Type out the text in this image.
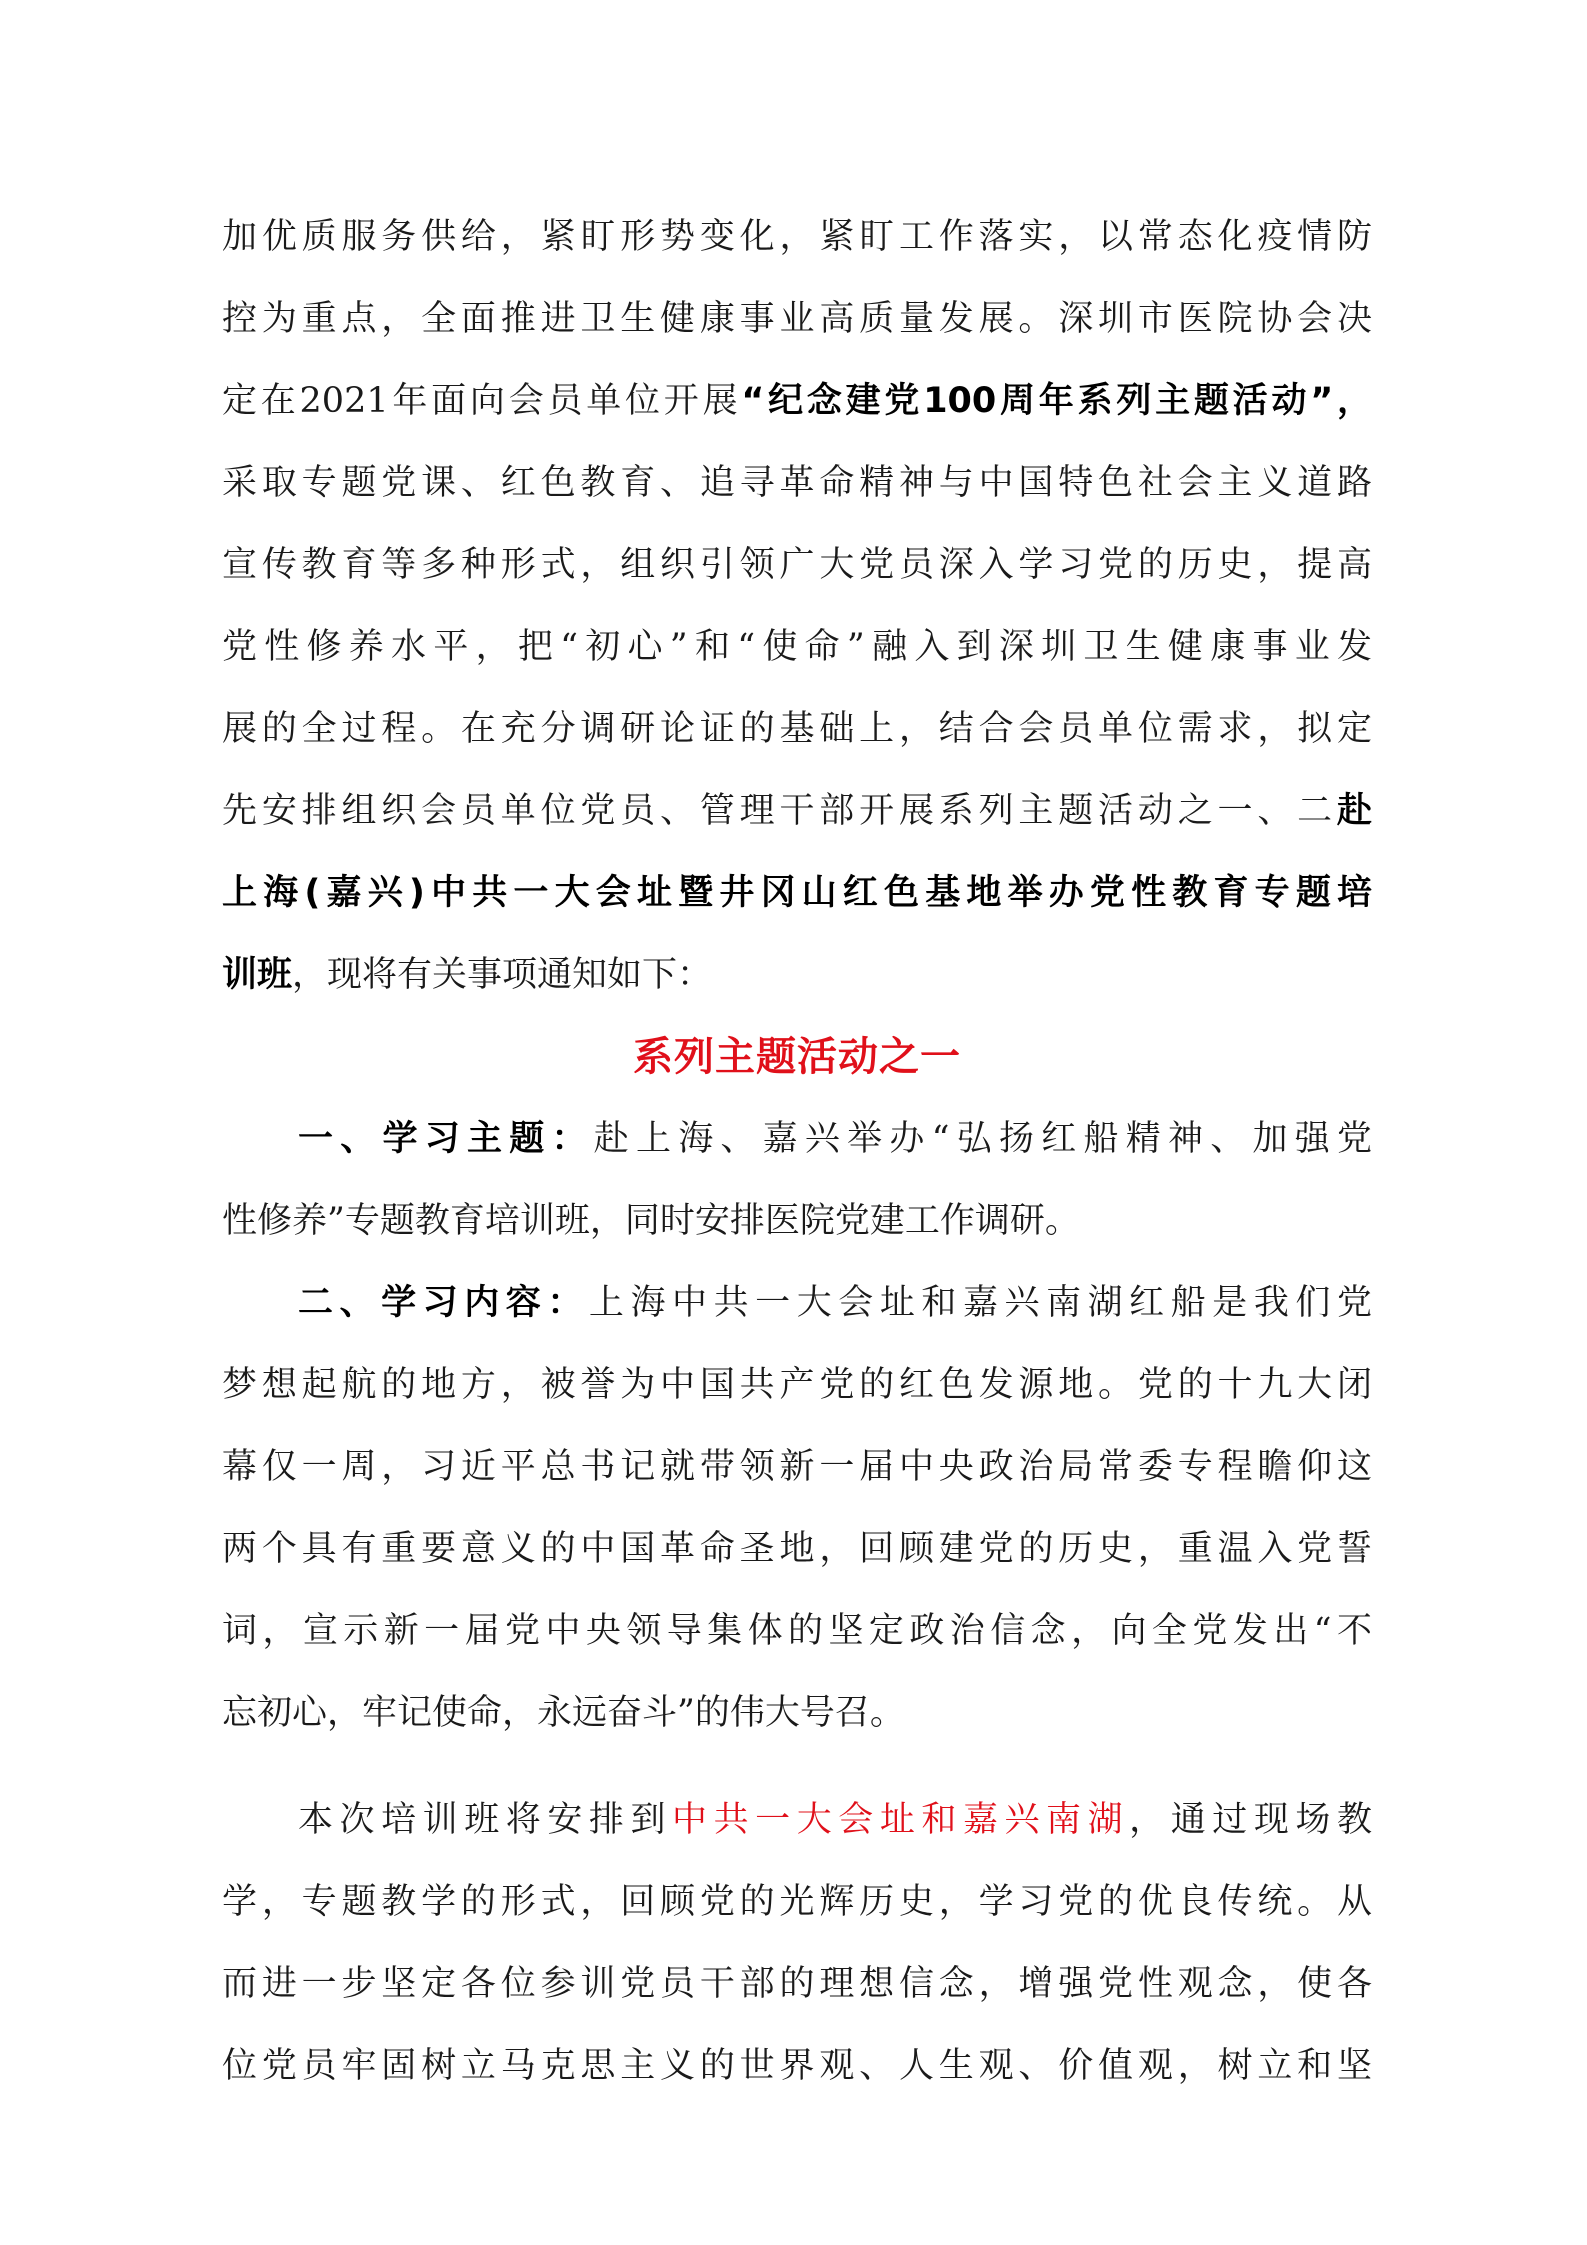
加优质服务供给，紧盯形势变化，紧盯工作落实，以常态化疫情防
控为重点，全面推进卫生健康事业高质量发展。深圳市医院协会决
定在2021年面向会员单位开展“纪念建党100周年系列主题活动”，
采取专题党课、红色教育、追寻革命精神与中国特色社会主义道路
宣传教育等多种形式，组织引领广大党员深入学习党的历史，提高
党性修养水平，把“初心”和“使命”融入到深圳卫生健康事业发
展的全过程。在充分调研论证的基础上，结合会员单位需求，拟定
先安排组织会员单位党员、管理干部开展系列主题活动之一、二赴
上海(嘉兴)中共一大会址暨井冈山红色基地举办党性教育专题培
训班，现将有关事项通知如下：
系列主题活动之一
一、学习主题：赴上海、嘉兴举办“弘扬红船精神、加强党
性修养”专题教育培训班，同时安排医院党建工作调研。
二、学习内容：上海中共一大会址和嘉兴南湖红船是我们党
梦想起航的地方，被誉为中国共产党的红色发源地。党的十九大闭
幕仅一周，习近平总书记就带领新一届中央政治局常委专程瞻仰这
两个具有重要意义的中国革命圣地，回顾建党的历史，重温入党誓
词，宣示新一届党中央领导集体的坚定政治信念，向全党发出“不
忘初心，牢记使命，永远奋斗”的伟大号召。
本次培训班将安排到中共一大会址和嘉兴南湖，通过现场教
学，专题教学的形式，回顾党的光辉历史，学习党的优良传统。从
而进一步坚定各位参训党员干部的理想信念，增强党性观念，使各
位党员牢固树立马克思主义的世界观、人生观、价值观，树立和坚
